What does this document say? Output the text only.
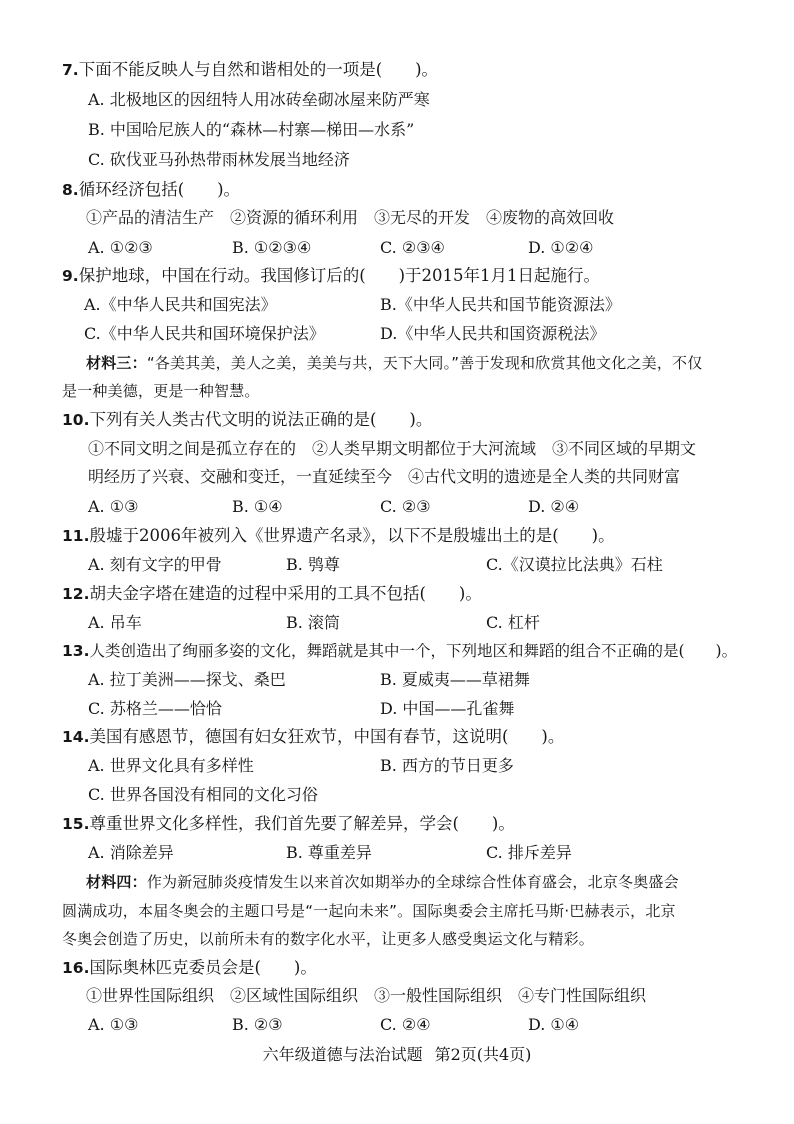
7.下面不能反映人与自然和谐相处的一项是(　　)。
A. 北极地区的因纽特人用冰砖垒砌冰屋来防严寒
B. 中国哈尼族人的“森林—村寨—梯田—水系”
C. 砍伐亚马孙热带雨林发展当地经济
8.循环经济包括(　　)。
①产品的清洁生产　②资源的循环利用　③无尽的开发　④废物的高效回收
A. ①②③	B. ①②③④	C. ②③④	D. ①②④
9.保护地球，中国在行动。我国修订后的(　　)于2015年1月1日起施行。
A.《中华人民共和国宪法》	B.《中华人民共和国节能资源法》
C.《中华人民共和国环境保护法》	D.《中华人民共和国资源税法》
材料三：“各美其美，美人之美，美美与共，天下大同。”善于发现和欣赏其他文化之美，不仅
是一种美德，更是一种智慧。
10.下列有关人类古代文明的说法正确的是(　　)。
①不同文明之间是孤立存在的　②人类早期文明都位于大河流域　③不同区域的早期文
明经历了兴衰、交融和变迁，一直延续至今　④古代文明的遗迹是全人类的共同财富
A. ①③	B. ①④	C. ②③	D. ②④
11.殷墟于2006年被列入《世界遗产名录》，以下不是殷墟出土的是(　　)。
A. 刻有文字的甲骨	B. 鸮尊	C.《汉谟拉比法典》石柱
12.胡夫金字塔在建造的过程中采用的工具不包括(　　)。
A. 吊车	B. 滚筒	C. 杠杆
13.人类创造出了绚丽多姿的文化，舞蹈就是其中一个，下列地区和舞蹈的组合不正确的是(　　)。
A. 拉丁美洲——探戈、桑巴	B. 夏威夷——草裙舞
C. 苏格兰——恰恰	D. 中国——孔雀舞
14.美国有感恩节，德国有妇女狂欢节，中国有春节，这说明(　　)。
A. 世界文化具有多样性	B. 西方的节日更多
C. 世界各国没有相同的文化习俗
15.尊重世界文化多样性，我们首先要了解差异，学会(　　)。
A. 消除差异	B. 尊重差异	C. 排斥差异
材料四：作为新冠肺炎疫情发生以来首次如期举办的全球综合性体育盛会，北京冬奥盛会
圆满成功，本届冬奥会的主题口号是“一起向未来”。国际奥委会主席托马斯·巴赫表示，北京
冬奥会创造了历史，以前所未有的数字化水平，让更多人感受奥运文化与精彩。
16.国际奥林匹克委员会是(　　)。
①世界性国际组织　②区域性国际组织　③一般性国际组织　④专门性国际组织
A. ①③	B. ②③	C. ②④	D. ①④
六年级道德与法治试题 第2页(共4页)
